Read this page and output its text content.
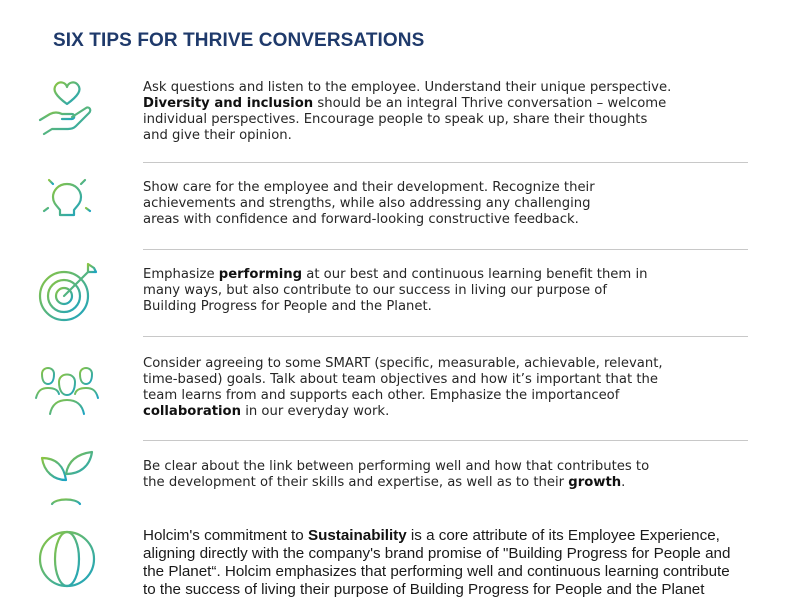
SIX TIPS FOR THRIVE CONVERSATIONS

Ask questions and listen to the employee. Understand their unique perspective.

Diversity and inclusion should be an integral Thrive conversation – welcome

individual perspectives. Encourage people to speak up, share their thoughts

and give their opinion.

Show care for the employee and their development. Recognize their

achievements and strengths, while also addressing any challenging

areas with confidence and forward-looking constructive feedback.

Emphasize performing at our best and continuous learning benefit them in

many ways, but also contribute to our success in living our purpose of

Building Progress for People and the Planet.

Consider agreeing to some SMART (specific, measurable, achievable, relevant,

time-based) goals. Talk about team objectives and how it’s important that the

team learns from and supports each other. Emphasize the importanceof

collaboration in our everyday work.

Be clear about the link between performing well and how that contributes to

the development of their skills and expertise, as well as to their growth.

Holcim's commitment to Sustainability is a core attribute of its Employee Experience,

aligning directly with the company's brand promise of "Building Progress for People and

the Planet“. Holcim emphasizes that performing well and continuous learning contribute

to the success of living their purpose of Building Progress for People and the Planet
